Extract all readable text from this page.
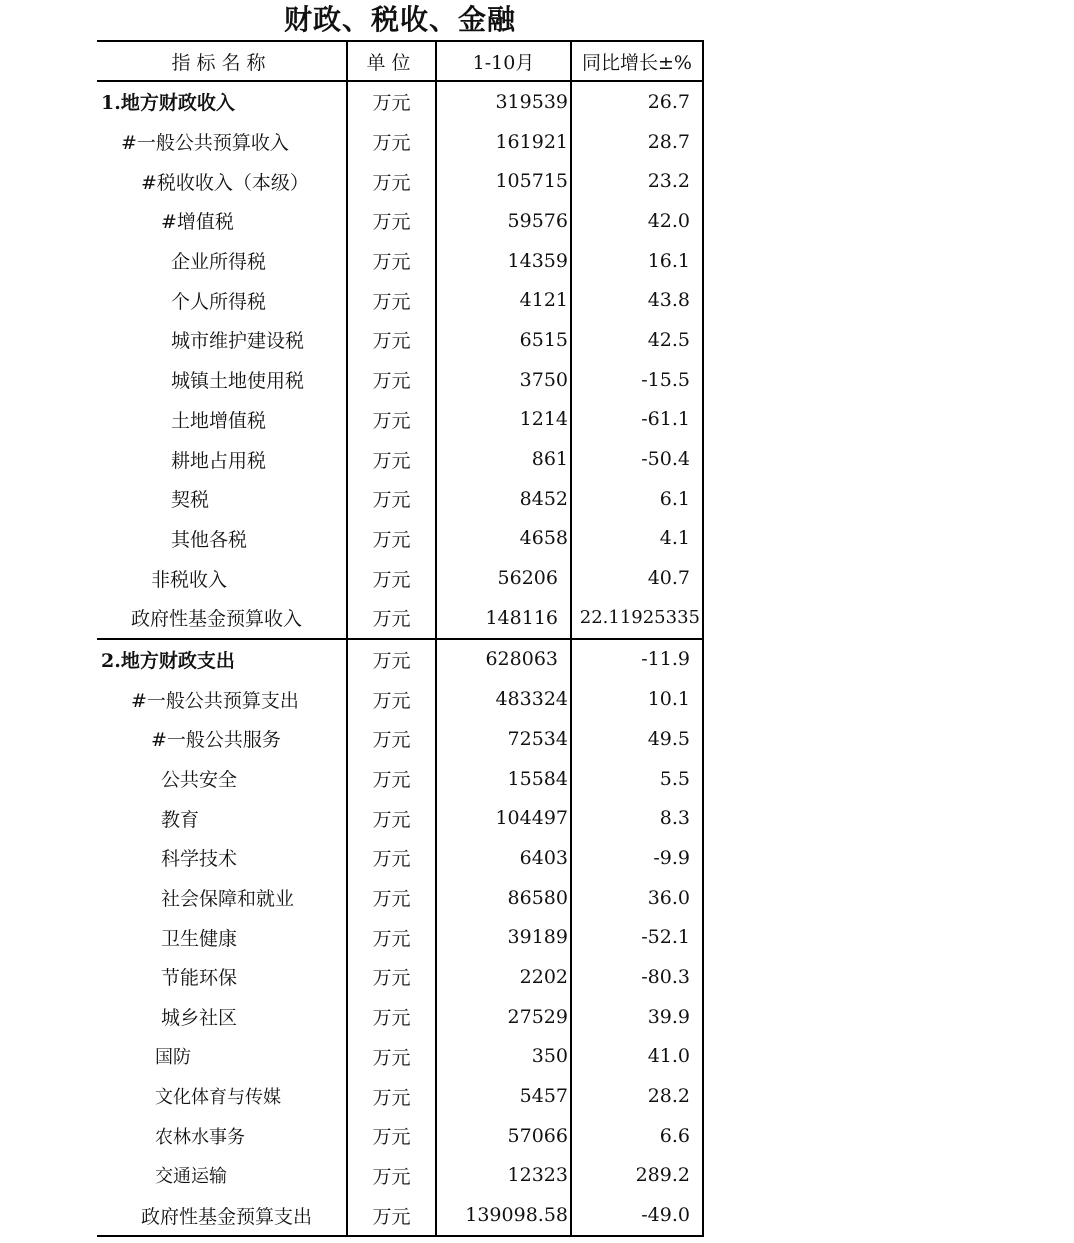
财政、税收、金融
指标名称	单位	1-10月	同比增长±%
1.地方财政收入	万元	319539	26.7
#一般公共预算收入	万元	161921	28.7
#税收收入（本级）	万元	105715	23.2
#增值税	万元	59576	42.0
企业所得税	万元	14359	16.1
个人所得税	万元	4121	43.8
城市维护建设税	万元	6515	42.5
城镇土地使用税	万元	3750	-15.5
土地增值税	万元	1214	-61.1
耕地占用税	万元	861	-50.4
契税	万元	8452	6.1
其他各税	万元	4658	4.1
非税收入	万元	56206	40.7
政府性基金预算收入	万元	148116	22.11925335
2.地方财政支出	万元	628063	-11.9
#一般公共预算支出	万元	483324	10.1
#一般公共服务	万元	72534	49.5
公共安全	万元	15584	5.5
教育	万元	104497	8.3
科学技术	万元	6403	-9.9
社会保障和就业	万元	86580	36.0
卫生健康	万元	39189	-52.1
节能环保	万元	2202	-80.3
城乡社区	万元	27529	39.9
国防	万元	350	41.0
文化体育与传媒	万元	5457	28.2
农林水事务	万元	57066	6.6
交通运输	万元	12323	289.2
政府性基金预算支出	万元	139098.58	-49.0
